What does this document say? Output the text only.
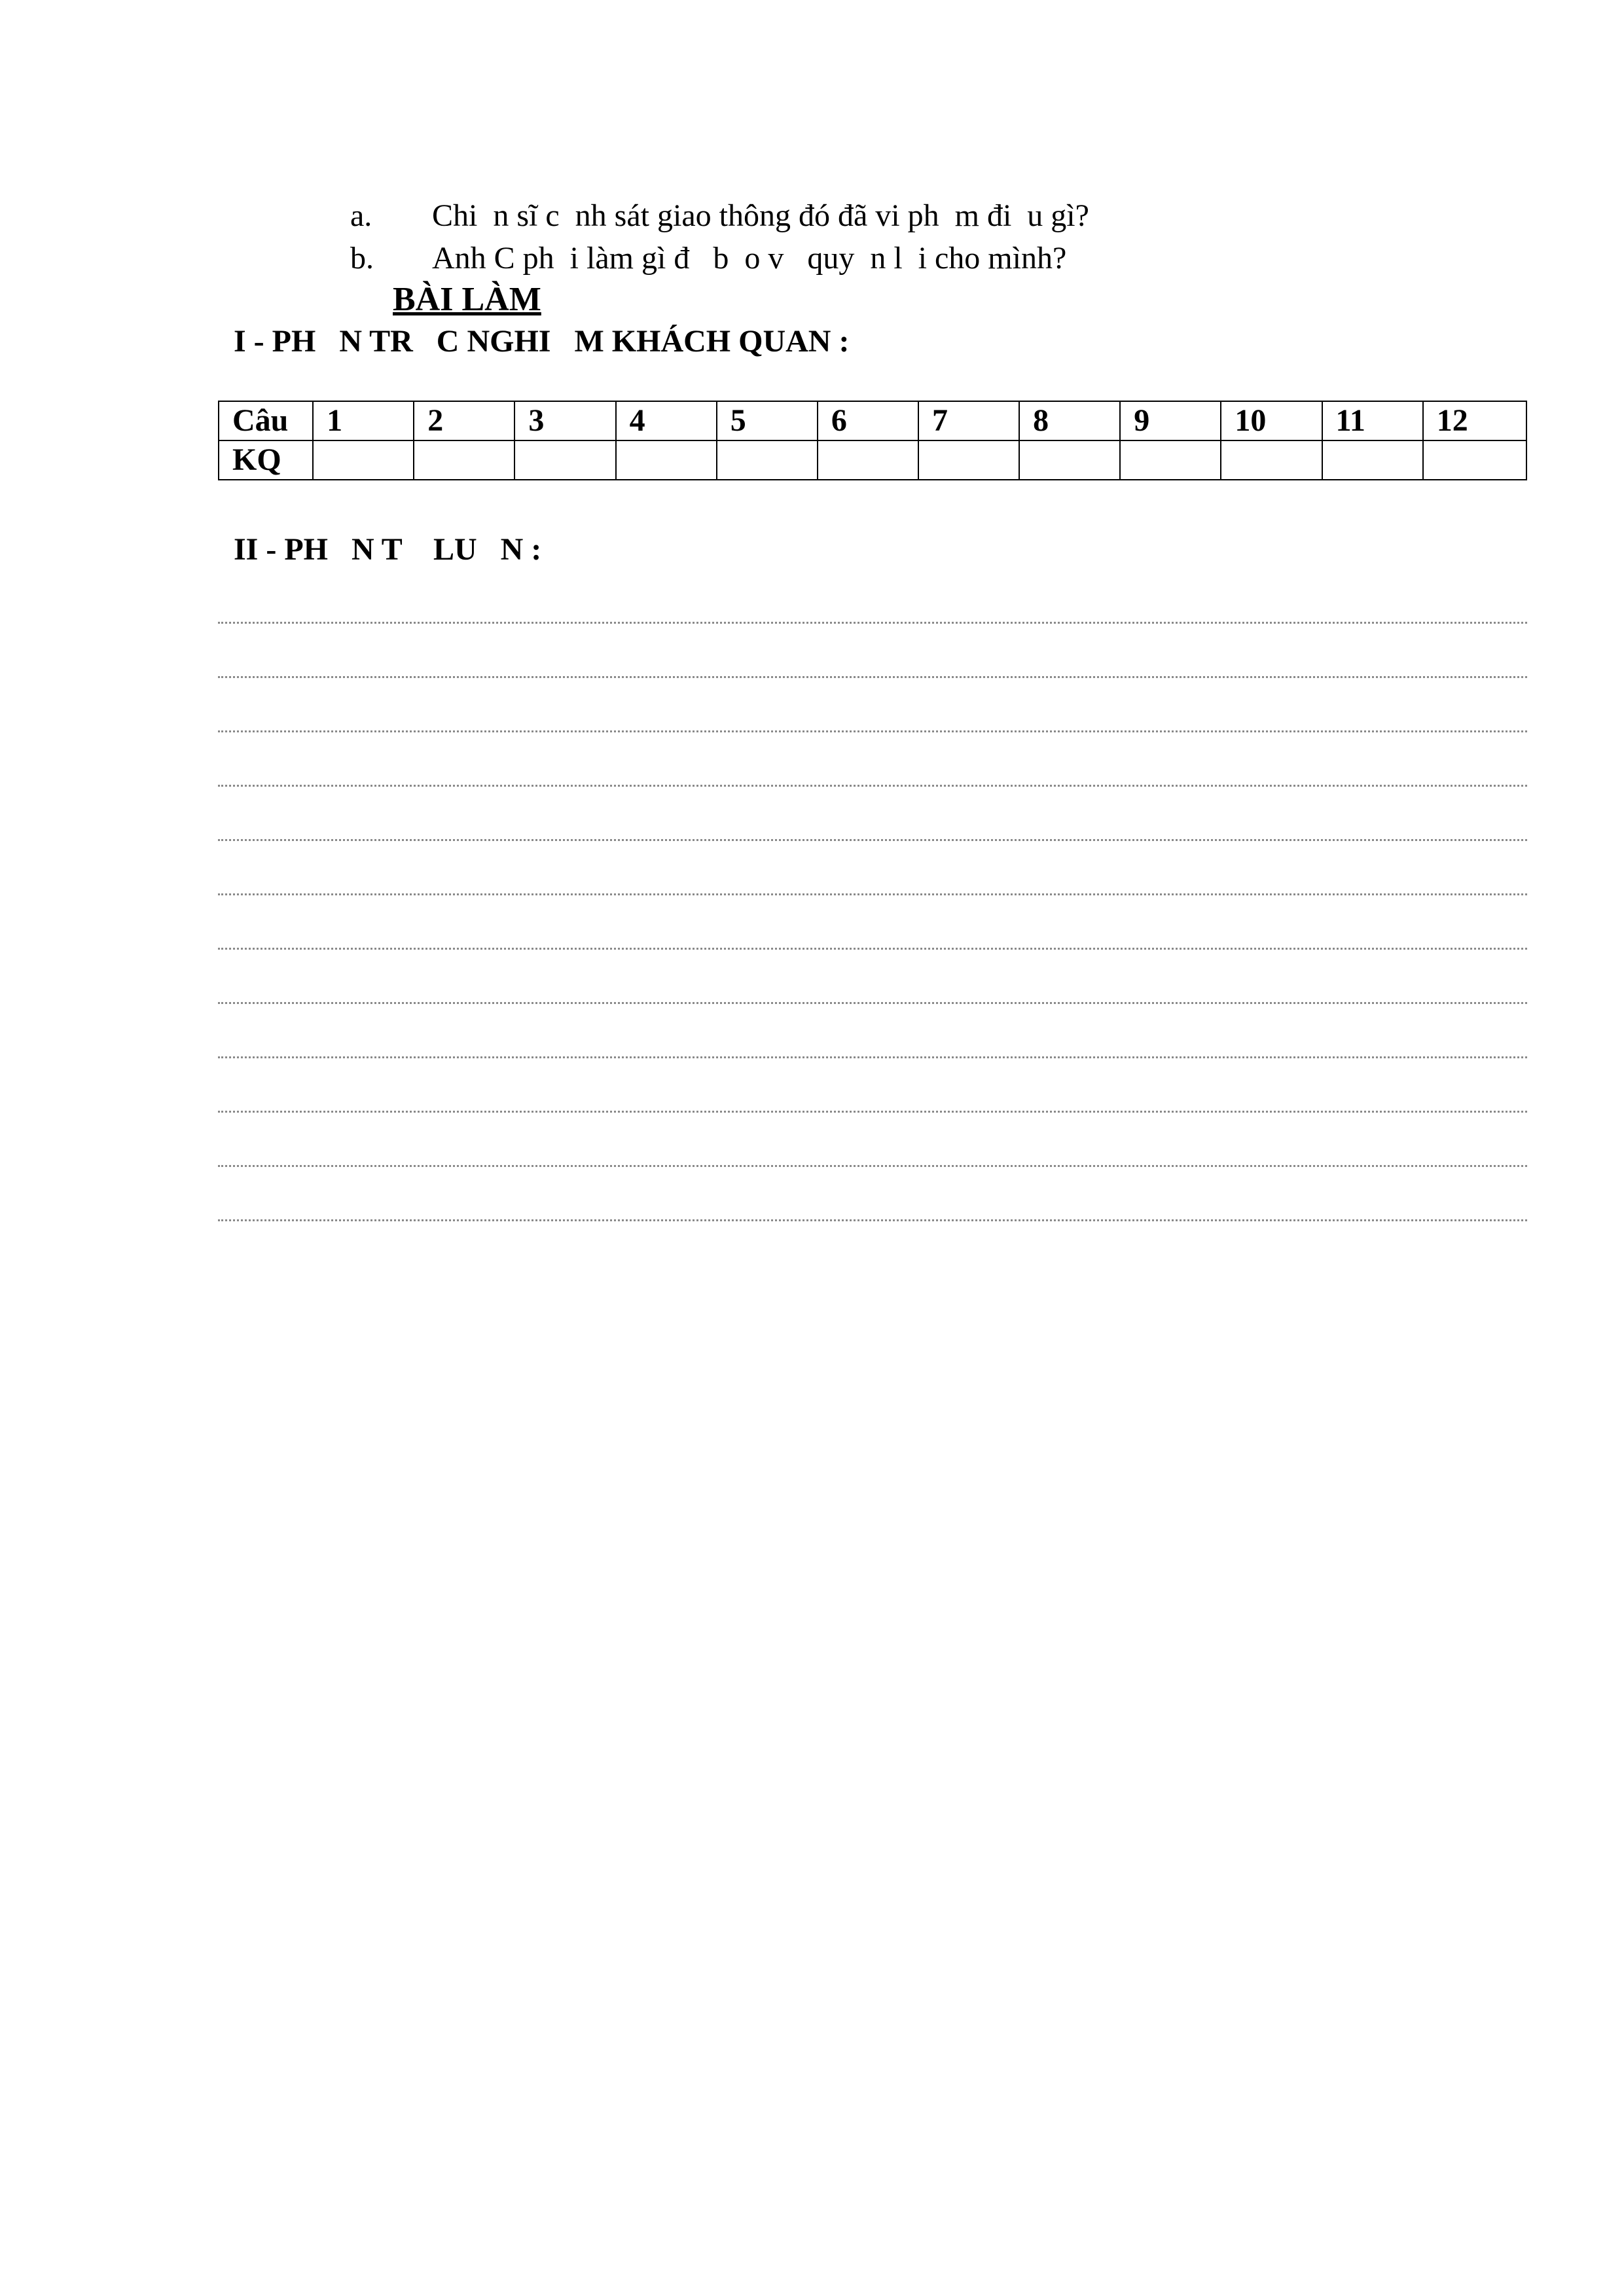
a. Chi  n sĩ c  nh sát giao thông đó đã vi ph  m đi  u gì?
b. Anh C ph  i làm gì đ   b  o v   quy  n l  i cho mình?
BÀI LÀM
I - PH   N TR   C NGHI   M KHÁCH QUAN :
Câu	1	2	3	4	5	6	7	8	9	10	11	12
KQ												
II - PH   N T    LU   N :
